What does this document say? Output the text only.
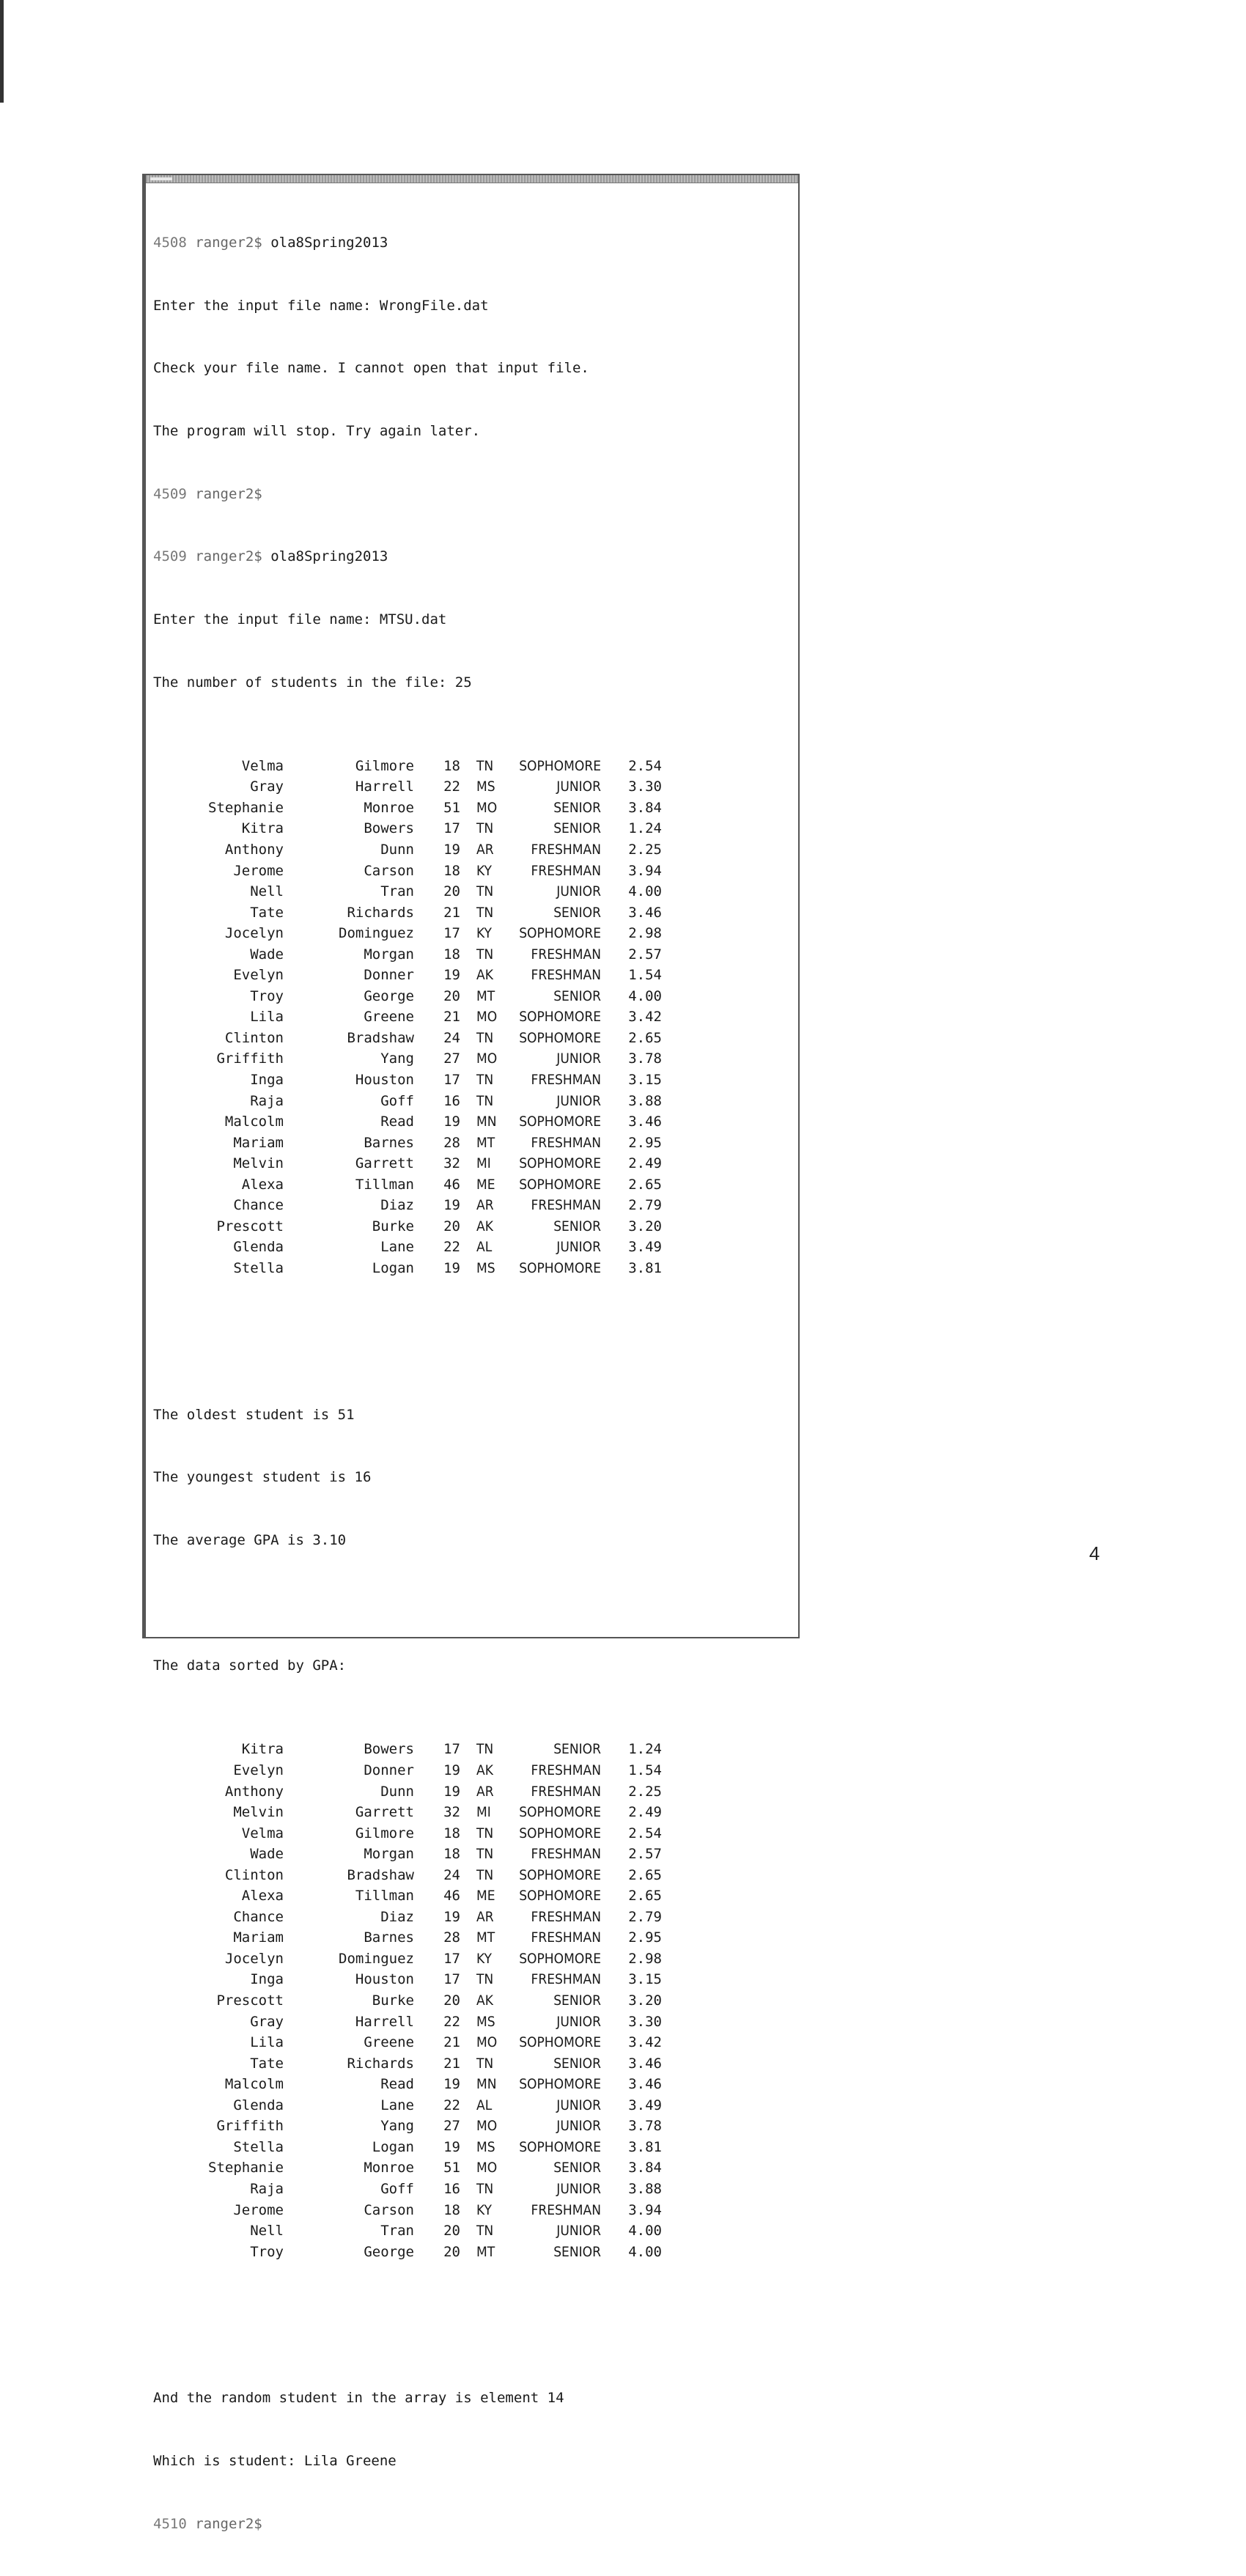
4508 ranger2$ ola8Spring2013

Enter the input file name: WrongFile.dat

Check your file name. I cannot open that input file.

The program will stop. Try again later.

4509 ranger2$

4509 ranger2$ ola8Spring2013

Enter the input file name: MTSU.dat

The number of students in the file: 25

Velma	Gilmore 18 TN SOPHOMORE 2.54
Gray	Harrell 22 MS	JUNIOR 3.30
Stephanie	Monroe 51 MO	SENIOR 3.84
Kitra	Bowers 17 TN	SENIOR 1.24
Anthony	Dunn 19 AR	FRESHMAN 2.25
Jerome	Carson 18 KY	FRESHMAN 3.94
Nell	Tran 20 TN	JUNIOR 4.00
Tate	Richards 21 TN	SENIOR 3.46
Jocelyn	Dominguez 17 KY SOPHOMORE 2.98
Wade	Morgan 18 TN	FRESHMAN 2.57
Evelyn	Donner 19 AK	FRESHMAN 1.54
Troy	George 20 MT	SENIOR 4.00
Lila	Greene 21 MO SOPHOMORE 3.42
Clinton	Bradshaw 24 TN SOPHOMORE 2.65
Griffith	Yang 27 MO	JUNIOR 3.78
Inga	Houston 17 TN	FRESHMAN 3.15
Raja	Goff 16 TN	JUNIOR 3.88
Malcolm	Read 19 MN SOPHOMORE 3.46
Mariam	Barnes 28 MT	FRESHMAN 2.95
Melvin	Garrett 32 MI SOPHOMORE 2.49
Alexa	Tillman 46 ME SOPHOMORE 2.65
Chance	Diaz 19 AR	FRESHMAN 2.79
Prescott	Burke 20 AK	SENIOR 3.20
Glenda	Lane 22 AL	JUNIOR 3.49
Stella	Logan 19 MS SOPHOMORE 3.81

The oldest student is 51

The youngest student is 16

The average GPA is 3.10

The data sorted by GPA:

Kitra	Bowers 17 TN	SENIOR 1.24
Evelyn	Donner 19 AK	FRESHMAN 1.54
Anthony	Dunn 19 AR	FRESHMAN 2.25
Melvin	Garrett 32 MI SOPHOMORE 2.49
Velma	Gilmore 18 TN SOPHOMORE 2.54
Wade	Morgan 18 TN	FRESHMAN 2.57
Clinton	Bradshaw 24 TN SOPHOMORE 2.65
Alexa	Tillman 46 ME SOPHOMORE 2.65
Chance	Diaz 19 AR	FRESHMAN 2.79
Mariam	Barnes 28 MT	FRESHMAN 2.95
Jocelyn	Dominguez 17 KY SOPHOMORE 2.98
Inga	Houston 17 TN	FRESHMAN 3.15
Prescott	Burke 20 AK	SENIOR 3.20
Gray	Harrell 22 MS	JUNIOR 3.30
Lila	Greene 21 MO SOPHOMORE 3.42
Tate	Richards 21 TN	SENIOR 3.46
Malcolm	Read 19 MN SOPHOMORE 3.46
Glenda	Lane 22 AL	JUNIOR 3.49
Griffith	Yang 27 MO	JUNIOR 3.78
Stella	Logan 19 MS SOPHOMORE 3.81
Stephanie	Monroe 51 MO	SENIOR 3.84
Raja	Goff 16 TN	JUNIOR 3.88
Jerome	Carson 18 KY	FRESHMAN 3.94
Nell	Tran 20 TN	JUNIOR 4.00
Troy	George 20 MT	SENIOR 4.00

And the random student in the array is element 14

Which is student: Lila Greene

4510 ranger2$

4
